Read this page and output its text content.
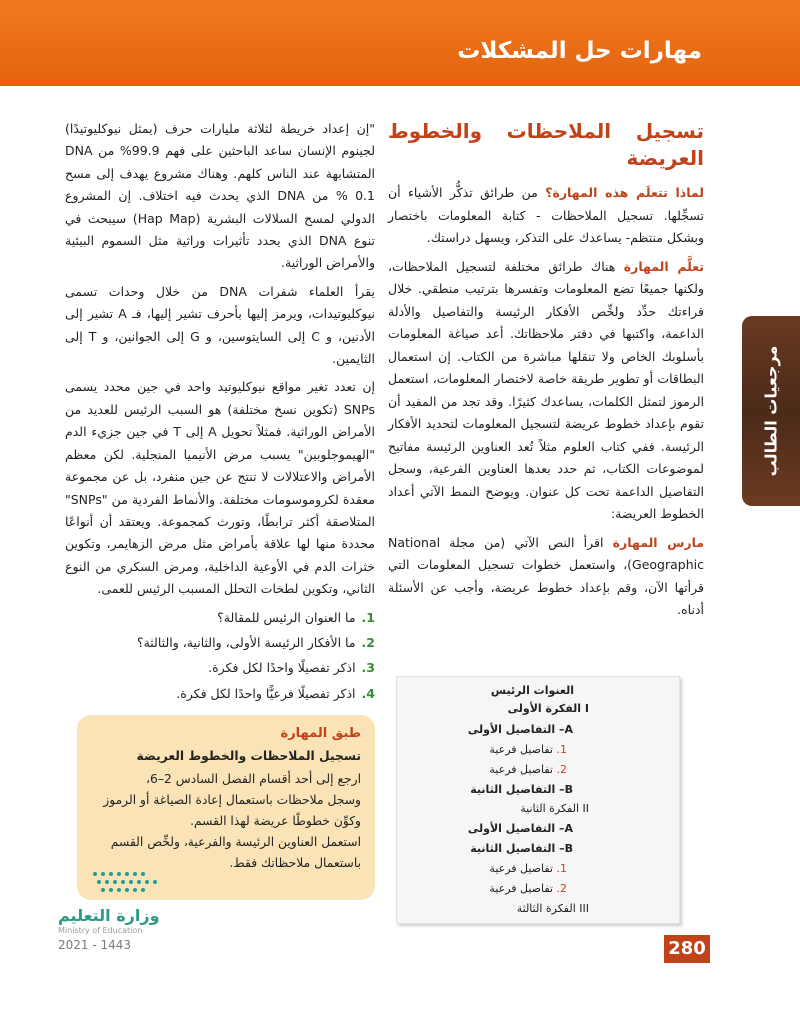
مهارات حل المشكلات
مرجعيات الطالب
تسجيل الملاحظات والخطوط العريضة

لماذا تتعلَم هذه المهارة؟ من طرائق تذكُّر الأشياء أن تسجِّلها. تسجيل الملاحظات - كتابة المعلومات باختصار وبشكل منتظم- يساعدك على التذكر، ويسهل دراستك.

تعلَّم المهارة هناك طرائق مختلفة لتسجيل الملاحظات، ولكنها جميعًا تضع المعلومات وتفسرها بترتيب منطقي. خلال قراءتك حدِّد ولخِّص الأفكار الرئيسة والتفاصيل والأدلة الداعمة، واكتبها في دفتر ملاحظاتك. أعد صياغة المعلومات بأسلوبك الخاص ولا تنقلها مباشرة من الكتاب. إن استعمال البطاقات أو تطوير طريقة خاصة لاختصار المعلومات، استعمل الرموز لتمثل الكلمات، يساعدك كثيرًا. وقد تجد من المفيد أن تقوم بإعداد خطوط عريضة لتسجيل المعلومات لتحديد الأفكار الرئيسة. ففي كتاب العلوم مثلاً تُعد العناوين الرئيسة مفاتيح لموضوعات الكتاب، ثم حدد بعدها العناوين الفرعية، وسجل التفاصيل الداعمة تحت كل عنوان. ويوضح النمط الآتي أعداد الخطوط العريضة:

مارس المهارة اقرأ النص الآتي (من مجلة National Geographic)، واستعمل خطوات تسجيل المعلومات التي قرأتها الآن، وقم بإعداد خطوط عريضة، وأجب عن الأسئلة أدناه.

العنوات الرئيس
I الفكرة الأولى
A– التفاصيل الأولى
1. تفاصيل فرعية
2. تفاصيل فرعية
B– التفاصيل الثانية
II الفكرة الثانية
A– التفاصيل الأولى
B– التفاصيل الثانية
1. تفاصيل فرعية
2. تفاصيل فرعية
III الفكرة الثالثة

"إن إعداد خريطة لثلاثة مليارات حرف (يمثل نيوكليوتيدًا) لجينوم الإنسان ساعد الباحثين على فهم 99.9% من DNA المتشابهة عند الناس كلهم. وهناك مشروع يهدف إلى مسح 0.1 % من DNA الذي يحدث فيه اختلاف. إن المشروع الدولي لمسح السلالات البشرية (Hap Map) سيبحث في تنوع DNA الذي يحدد تأثيرات وراثية مثل السموم البيئية والأمراض الوراثية.

يقرأ العلماء شفرات DNA من خلال وحدات تسمى نيوكليوتيدات، ويرمز إليها بأحرف تشير إليها، فـ A تشير إلى الأدنين، و C إلى السايتوسين، و G إلى الجوانين، و T إلى الثايمين.

إن تعدد تغير مواقع نيوكليوتيد واحد في جين محدد يسمى SNPs (تكوين نسخ مختلفة) هو السبب الرئيس للعديد من الأمراض الوراثية. فمثلاً تحويل A إلى T في جين جزيء الدم "الهيموجلوبين" يسبب مرض الأنيميا المنجلية. لكن معظم الأمراض والاعتلالات لا تنتج عن جين منفرد، بل عن مجموعة معقدة لكروموسومات مختلفة. والأنماط الفردية من "SNPs" المتلاصقة أكثر ترابطًا، وتورث كمجموعة. ويعتقد أن أنواعًا محددة منها لها علاقة بأمراض مثل مرض الزهايمر، وتكوين خثرات الدم في الأوعية الداخلية، ومرض السكري من النوع الثاني، وتكوين لطخات التحلل المسبب الرئيس للعمى.

1.ما العنوان الرئيس للمقالة؟
2.ما الأفكار الرئيسة الأولى، والثانية، والثالثة؟
3.اذكر تفصيلًا واحدًا لكل فكرة.
4.اذكر تفصيلًا فرعيًّا واحدًا لكل فكرة.
طبق المهارة
تسجيل الملاحظات والخطوط العريضة
ارجع إلى أحد أقسام الفصل السادس 2–6،
وسجل ملاحظات باستعمال إعادة الصياغة أو الرموز
وكوِّن خطوطًا عريضة لهذا القسم.
استعمل العناوين الرئيسة والفرعية، ولخِّص القسم
باستعمال ملاحظاتك فقط.
وزارة التعليم
Ministry of Education
2021 - 1443	280
